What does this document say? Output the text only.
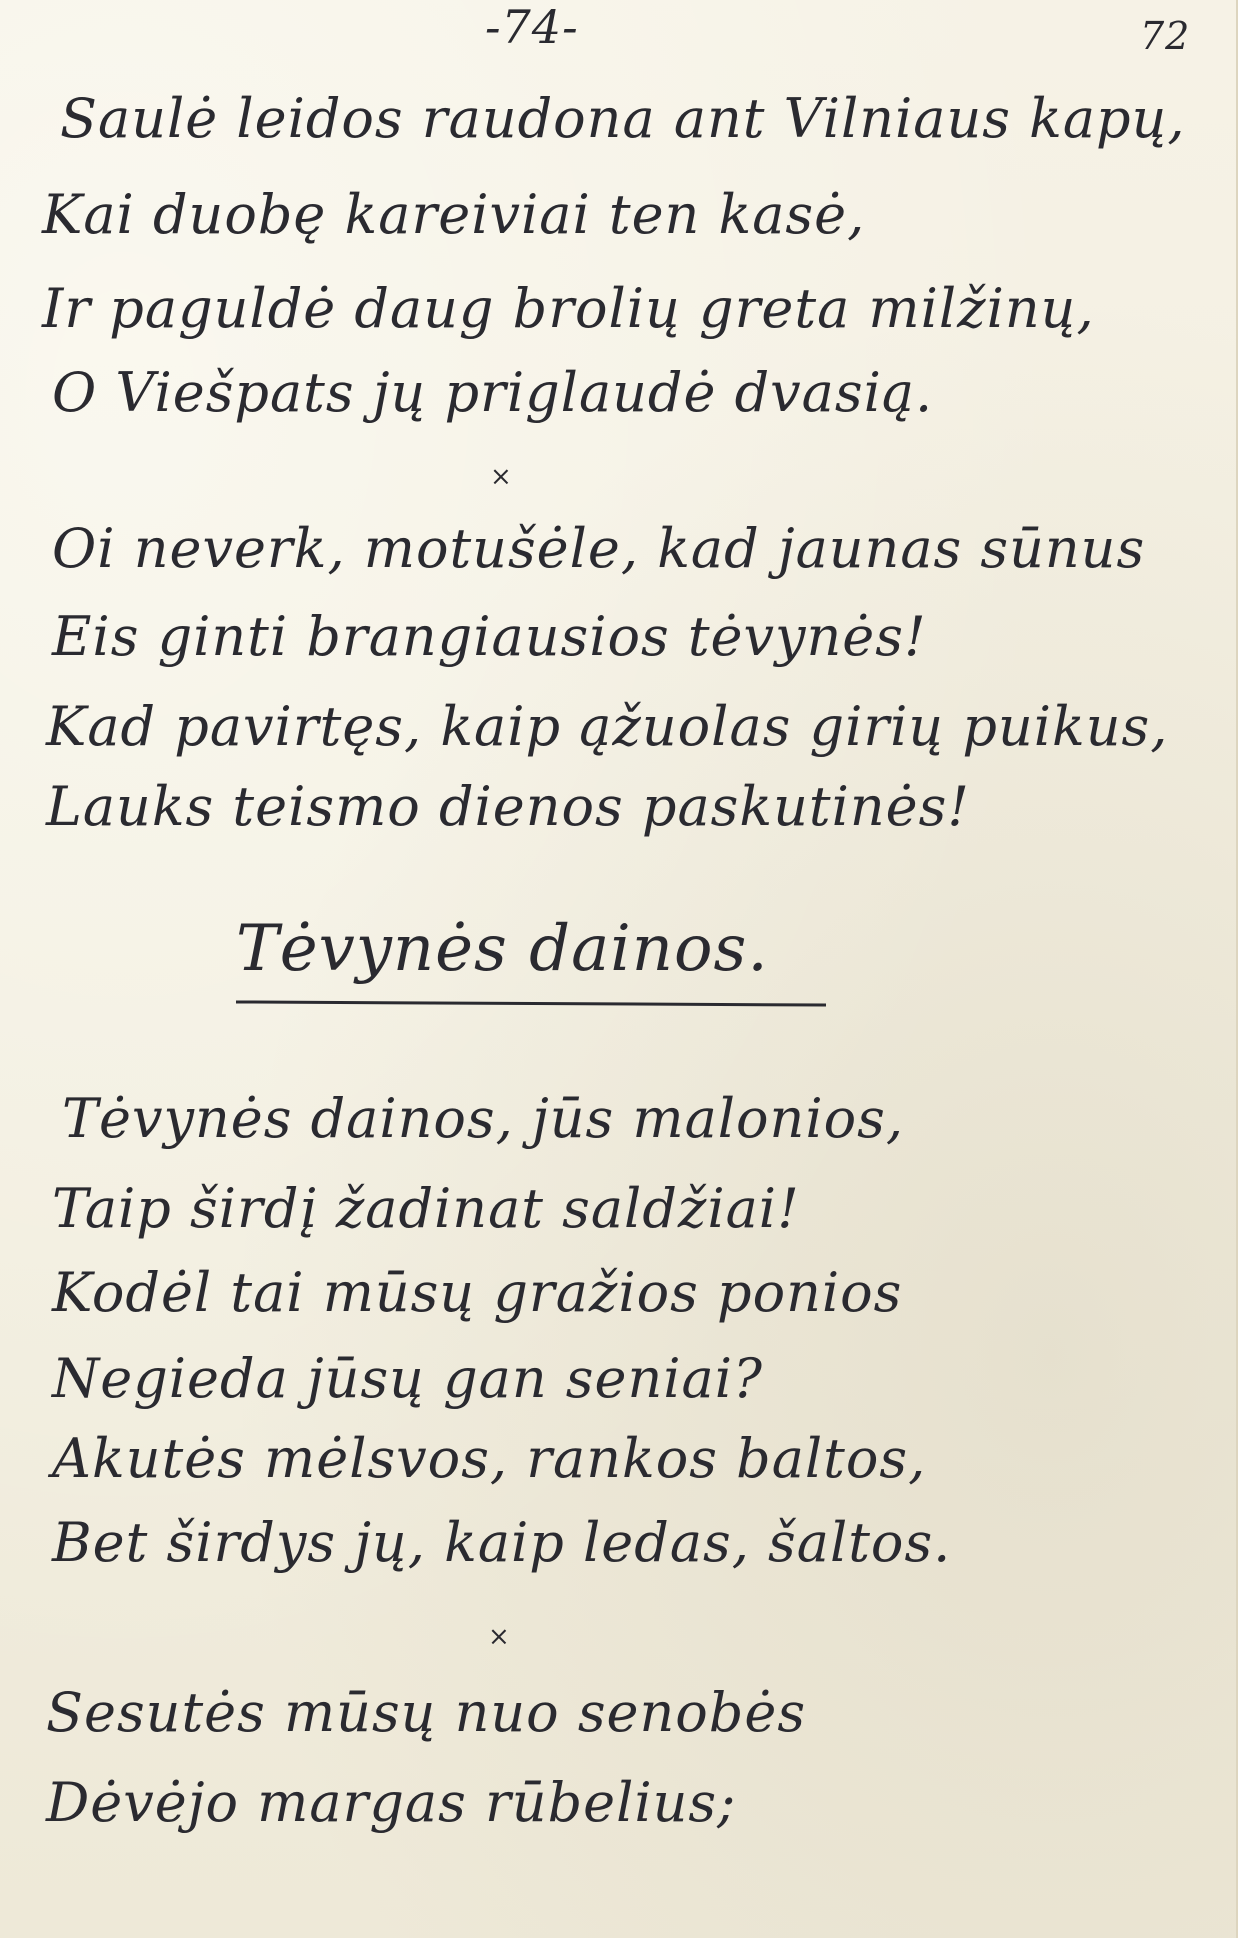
-74-	72
Saulė leidos raudona ant Vilniaus kapų,
Kai duobę kareiviai ten kasė,
Ir paguldė daug brolių greta milžinų,
O Viešpats jų priglaudė dvasią.
×
Oi neverk, motušėle, kad jaunas sūnus
Eis ginti brangiausios tėvynės!
Kad pavirtęs, kaip ąžuolas girių puikus,
Lauks teismo dienos paskutinės!
Tėvynės dainos.
Tėvynės dainos, jūs malonios,
Taip širdį žadinat saldžiai!
Kodėl tai mūsų gražios ponios
Negieda jūsų gan seniai?
Akutės mėlsvos, rankos baltos,
Bet širdys jų, kaip ledas, šaltos.
×
Sesutės mūsų nuo senobės
Dėvėjo margas rūbelius;
